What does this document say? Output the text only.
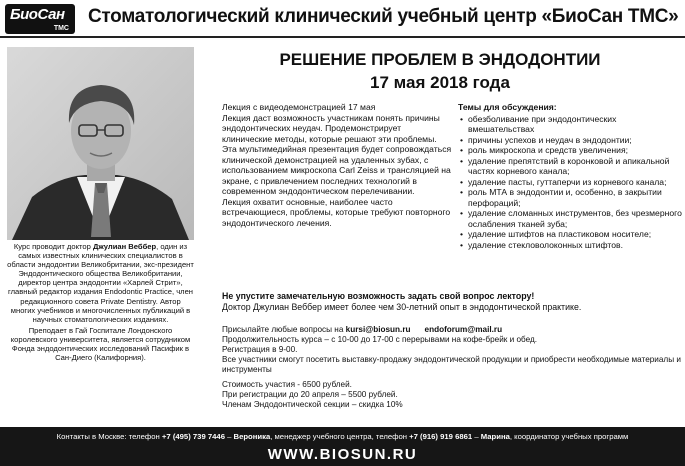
БиоСан
ТМС
Стоматологический клинический учебный центр «БиоСан ТМС»

Курс проводит доктор Джулиан Веббер, один из самых известных клинических специалистов в области эндодонтии Великобритании, экс-президент Эндодонтического общества Великобритании, директор центра эндодонтии «Харлей Стрит», главный редактор издания Endodontic Practice, член редакционного совета Private Dentistry. Автор многих учебников и многочисленных публикаций в научных стоматологических изданиях.

Преподает в Гай Госпитале Лондонского королевского университета, является сотрудником Фонда эндодонтических исследований Пасифик в Сан-Диего (Калифорния).

РЕШЕНИЕ ПРОБЛЕМ В ЭНДОДОНТИИ
17 мая 2018 года
Лекция с видеодемонстрацией 17 мая
Лекция даст возможность участникам понять причины эндодонтических неудач. Продемонстрирует клинические методы, которые решают эти проблемы. Эта мультимедийная презентация будет сопровождаться клинической демонстрацией на удаленных зубах, с использованием микроскопа Carl Zeiss и трансляцией на экране, с привлечением последних технологий в современном эндодонтическом перелечивании.
Лекция охватит основные, наиболее часто встречающиеся, проблемы, которые требуют повторного эндодонтического лечения.
Темы для обсуждения:
• обезболивание при эндодонтических вмешательствах
• причины успехов и неудач в эндодонтии;
• роль микроскопа и средств увеличения;
• удаление препятствий в коронковой и апикальной частях корневого канала;
• удаление пасты, гуттаперчи из корневого канала;
• роль МТА в эндодонтии и, особенно, в закрытии перфораций;
• удаление сломанных инструментов, без чрезмерного ослабления тканей зуба;
• удаление штифтов на пластиковом носителе;
• удаление стекловолоконных штифтов.
Не упустите замечательную возможность задать свой вопрос лектору!
Доктор Джулиан Веббер имеет более чем 30-летний опыт в эндодонтической практике.
Присылайте любые вопросы на kursi@biosun.ru endoforum@mail.ru
Продолжительность курса – с 10-00 до 17-00 с перерывами на кофе-брейк и обед.
Регистрация в 9-00.
Все участники смогут посетить выставку-продажу эндодонтической продукции и приобрести необходимые материалы и инструменты
Стоимость участия - 6500 рублей.
При регистрации до 20 апреля – 5500 рублей.
Членам Эндодонтической секции – скидка 10%
Контакты в Москве: телефон +7 (495) 739 7446 – Вероника, менеджер учебного центра, телефон +7 (916) 919 6861 – Марина, координатор учебных программ
WWW.BIOSUN.RU
